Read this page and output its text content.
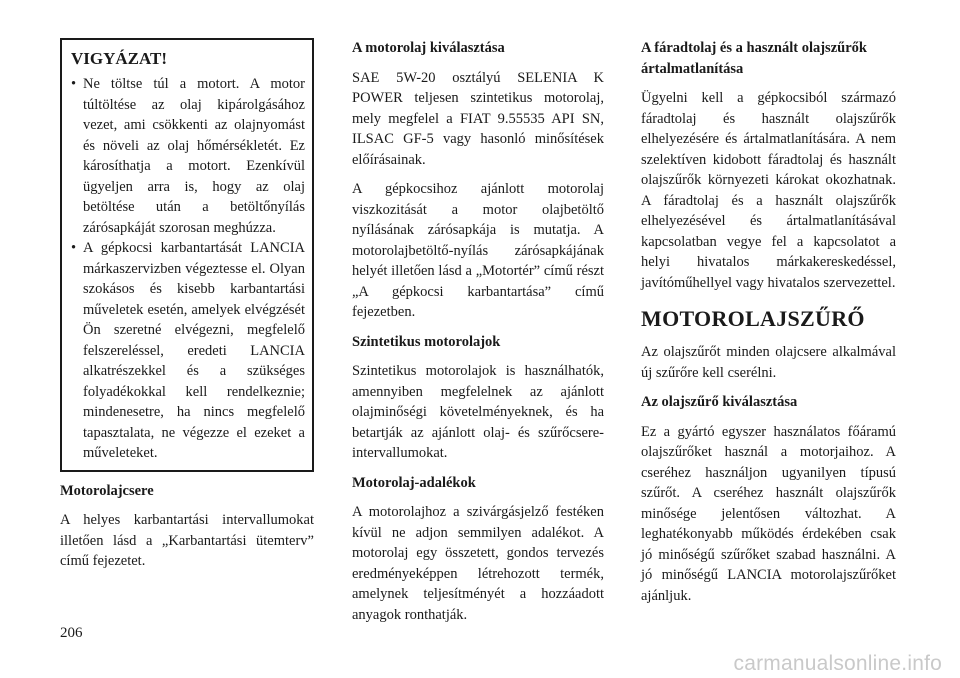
VIGYÁZAT!
• Ne töltse túl a motort. A motor túltöltése az olaj kipárolgásához vezet, ami csökkenti az olajnyomást és növeli az olaj hőmérsékletét. Ez károsíthatja a motort. Ezenkívül ügyeljen arra is, hogy az olaj betöltése után a betöltőnyílás zárósapkáját szorosan meghúzza.
• A gépkocsi karbantartását LANCIA márkaszervizben végeztesse el. Olyan szokásos és kisebb karbantartási műveletek esetén, amelyek elvégzését Ön szeretné elvégezni, megfelelő felszereléssel, eredeti LANCIA alkatrészekkel és a szükséges folyadékokkal kell rendelkeznie; mindenesetre, ha nincs megfelelő tapasztalata, ne végezze el ezeket a műveleteket.

Motorolajcsere

A helyes karbantartási intervallumokat illetően lásd a „Karbantartási ütemterv” című fejezetet.

A motorolaj kiválasztása

SAE 5W-20 osztályú SELENIA K POWER teljesen szintetikus motorolaj, mely megfelel a FIAT 9.55535 API SN, ILSAC GF-5 vagy hasonló minősítések előírásainak.

A gépkocsihoz ajánlott motorolaj viszkozitását a motor olajbetöltő nyílásának zárósapkája is mutatja. A motorolajbetöltő-nyílás zárósapkájának helyét illetően lásd a „Motortér” című részt „A gépkocsi karbantartása” című fejezetben.

Szintetikus motorolajok

Szintetikus motorolajok is használhatók, amennyiben megfelelnek az ajánlott olajminőségi követelményeknek, és ha betartják az ajánlott olaj- és szűrőcsere-intervallumokat.

Motorolaj-adalékok

A motorolajhoz a szivárgásjelző festéken kívül ne adjon semmilyen adalékot. A motorolaj egy összetett, gondos tervezés eredményeképpen létrehozott termék, amelynek teljesítményét a hozzáadott anyagok ronthatják.

A fáradtolaj és a használt olajszűrők ártalmatlanítása

Ügyelni kell a gépkocsiból származó fáradtolaj és használt olajszűrők elhelyezésére és ártalmatlanítására. A nem szelektíven kidobott fáradtolaj és használt olajszűrők környezeti károkat okozhatnak. A fáradtolaj és a használt olajszűrők elhelyezésével és ártalmatlanításával kapcsolatban vegye fel a kapcsolatot a helyi hivatalos márkakereskedéssel, javítóműhellyel vagy hivatalos szervezettel.

MOTOROLAJSZŰRŐ

Az olajszűrőt minden olajcsere alkalmával új szűrőre kell cserélni.

Az olajszűrő kiválasztása

Ez a gyártó egyszer használatos főáramú olajszűrőket használ a motorjaihoz. A cseréhez használjon ugyanilyen típusú szűrőt. A cseréhez használt olajszűrők minősége jelentősen változhat. A leghatékonyabb működés érdekében csak jó minőségű szűrőket szabad használni. A jó minőségű LANCIA motorolajszűrőket ajánljuk.

206
carmanualsonline.info
